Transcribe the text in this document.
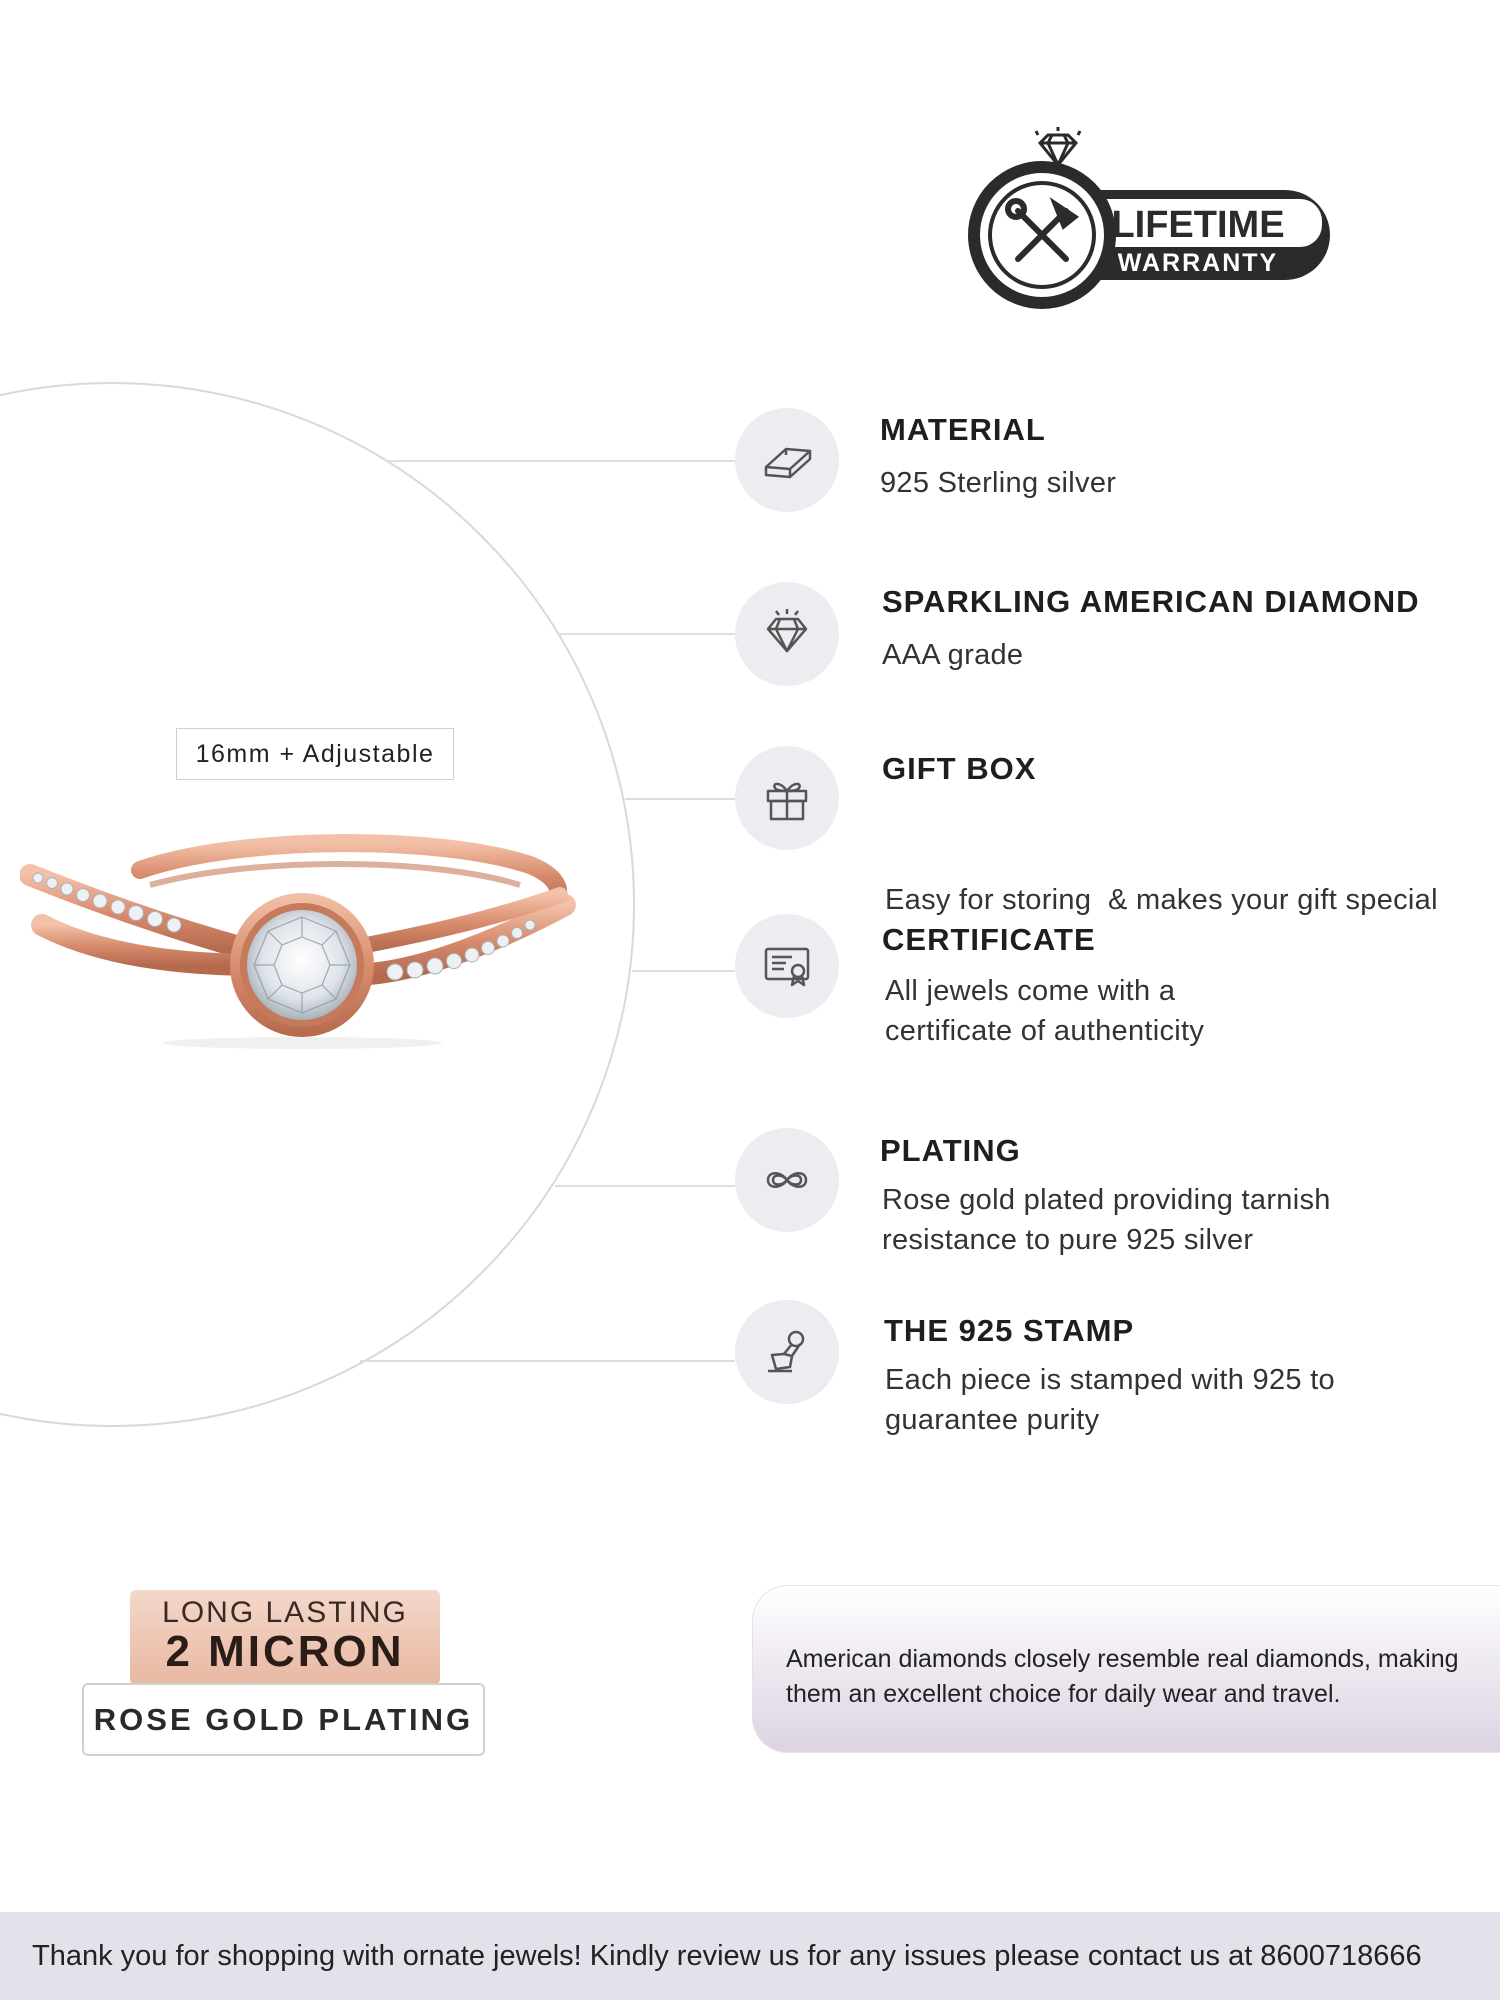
LIFETIME
WARRANTY
MATERIAL
925 Sterling silver
SPARKLING AMERICAN DIAMOND
AAA grade
GIFT BOX

Easy for storing  & makes your gift special

CERTIFICATE
All jewels come with a
certificate of authenticity
PLATING
Rose gold plated providing tarnish
resistance to pure 925 silver
THE 925 STAMP
Each piece is stamped with 925 to
guarantee purity
16mm + Adjustable
LONG LASTING
2 MICRON
ROSE GOLD PLATING
American diamonds closely resemble real diamonds, making them an excellent choice for daily wear and travel.
Thank you for shopping with ornate jewels! Kindly review us for any issues please contact us at 8600718666
